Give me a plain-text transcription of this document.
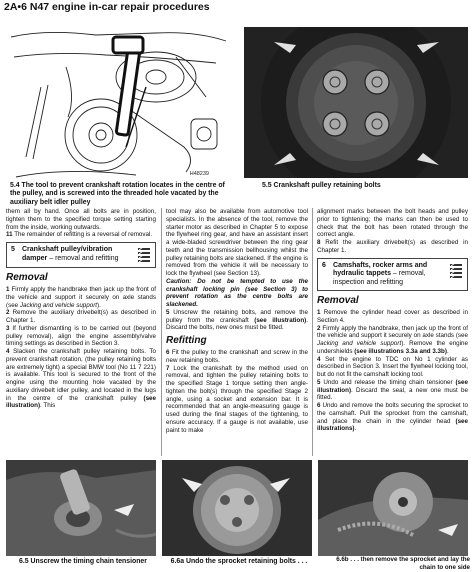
2A•6 N47 engine in-car repair procedures
H48239
5.4 The tool to prevent crankshaft rotation locates in the centre of the pulley, and is screwed into the threaded hole vacated by the auxiliary belt idler pulley
5.5 Crankshaft pulley retaining bolts

them all by hand. Once all bolts are in position, tighten them to the specified torque setting starting from the inside, working outwards.

11 The remainder of refitting is a reversal of removal.

5	Crankshaft pulley/vibration damper – removal and refitting
Removal

1 Firmly apply the handbrake then jack up the front of the vehicle and support it securely on axle stands (see Jacking and vehicle support).

2 Remove the auxiliary drivebelt(s) as described in Chapter 1.

3 If further dismantling is to be carried out (beyond pulley removal), align the engine assembly/valve timing settings as described in Section 3.

4 Slacken the crankshaft pulley retaining bolts. To prevent crankshaft rotation, (the pulley retaining bolts are extremely tight) a special BMW tool (No 11 7 221) is available. This tool is secured to the front of the engine using the mounting hole vacated by the auxiliary drivebelt idler pulley, and located in the lugs in the centre of the crankshaft pulley (see illustration). This

tool may also be available from automotive tool specialists. In the absence of the tool, remove the starter motor as described in Chapter 5 to expose the flywheel ring gear, and have an assistant insert a wide-bladed screwdriver between the ring gear teeth and the transmission bellhousing whilst the pulley retaining bolts are slackened. If the engine is removed from the vehicle it will be necessary to lock the flywheel (see Section 13).

Caution: Do not be tempted to use the crankshaft locking pin (see Section 3) to prevent rotation as the centre bolts are slackened.

5 Unscrew the retaining bolts, and remove the pulley from the crankshaft (see illustration). Discard the bolts, new ones must be fitted.

Refitting

6 Fit the pulley to the crankshaft and screw in the new retaining bolts.

7 Lock the crankshaft by the method used on removal, and tighten the pulley retaining bolts to the specified Stage 1 torque setting then angle-tighten the bolt(s) through the specified Stage 2 angle, using a socket and extension bar. It is recommended that an angle-measuring gauge is used during the final stages of the tightening, to ensure accuracy. If a gauge is not available, use paint to make

alignment marks between the bolt heads and pulley prior to tightening; the marks can then be used to check that the bolt has been rotated through the correct angle.

8 Refit the auxiliary drivebelt(s) as described in Chapter 1.

6	Camshafts, rocker arms and hydraulic tappets – removal, inspection and refitting
Removal

1 Remove the cylinder head cover as described in Section 4.

2 Firmly apply the handbrake, then jack up the front of the vehicle and support it securely on axle stands (see Jacking and vehicle support). Remove the engine undershields (see illustrations 3.3a and 3.3b).

4 Set the engine to TDC on No 1 cylinder as described in Section 3. Insert the flywheel locking tool, but do not fit the camshaft locking tool.

5 Undo and release the timing chain tensioner (see illustration). Discard the seal, a new one must be fitted.

6 Undo and remove the bolts securing the sprocket to the camshaft. Pull the sprocket from the camshaft, and place the chain in the cylinder head (see illustrations).

6.5 Unscrew the timing chain tensioner	6.6a Undo the sprocket retaining bolts . . .	6.6b . . . then remove the sprocket and lay the chain to one side
